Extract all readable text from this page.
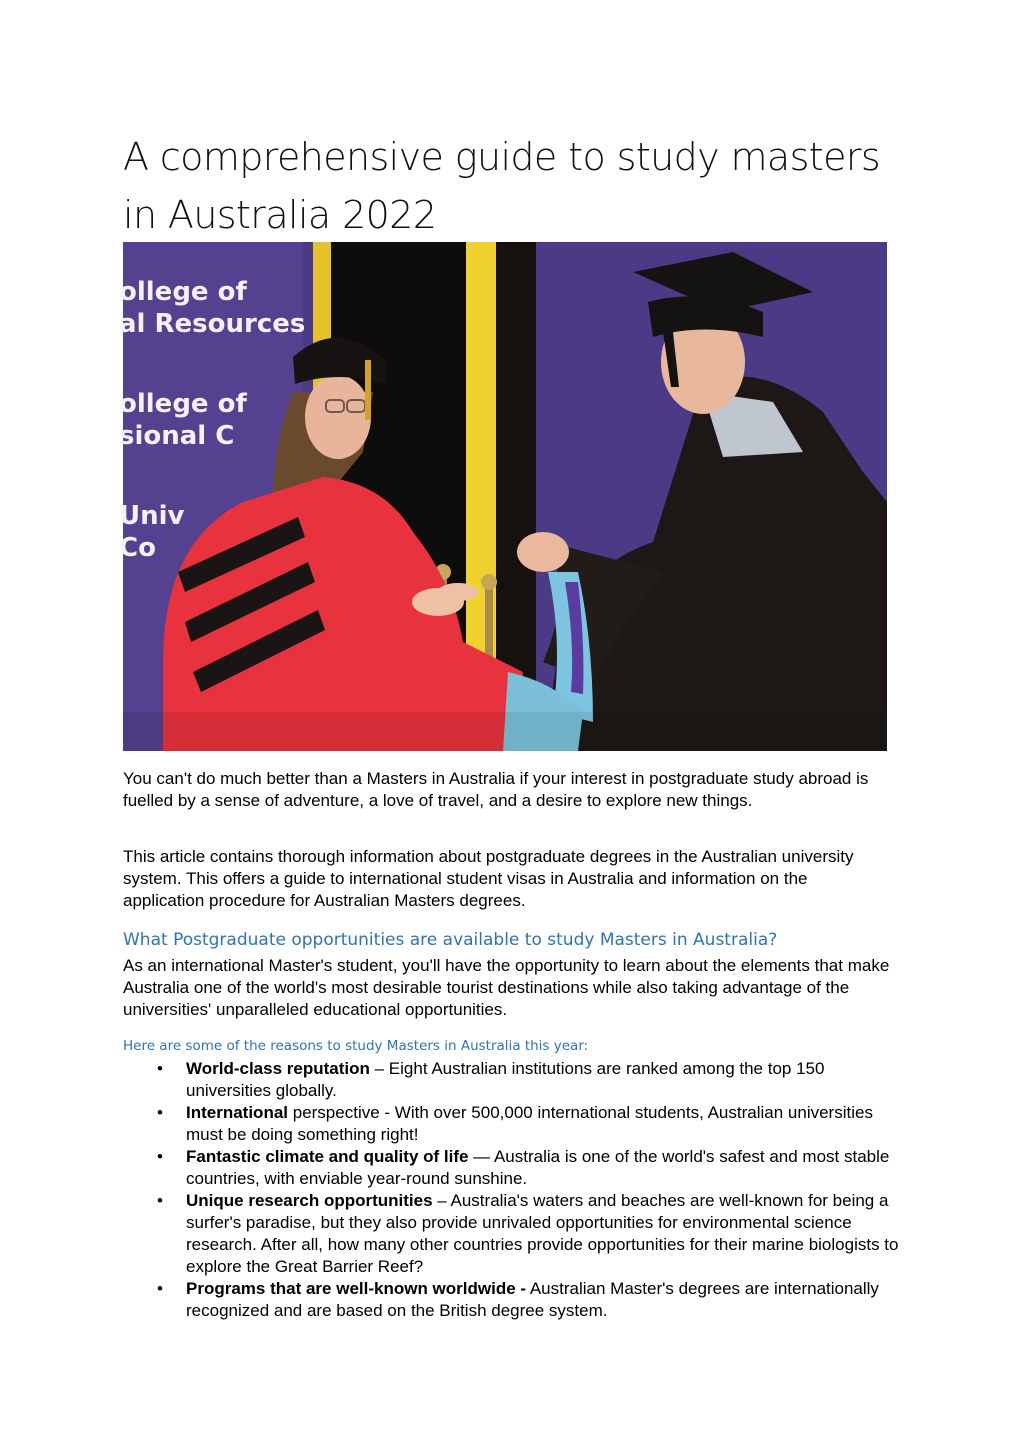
A comprehensive guide to study masters in Australia 2022
ollege of
al Resources
ollege of
sional C
Univ
Co

You can't do much better than a Masters in Australia if your interest in postgraduate study abroad is fuelled by a sense of adventure, a love of travel, and a desire to explore new things.

This article contains thorough information about postgraduate degrees in the Australian university system. This offers a guide to international student visas in Australia and information on the application procedure for Australian Masters degrees.

What Postgraduate opportunities are available to study Masters in Australia?

As an international Master's student, you'll have the opportunity to learn about the elements that make Australia one of the world's most desirable tourist destinations while also taking advantage of the universities' unparalleled educational opportunities.

Here are some of the reasons to study Masters in Australia this year:
• World-class reputation – Eight Australian institutions are ranked among the top 150 universities globally.
• International perspective - With over 500,000 international students, Australian universities must be doing something right!
• Fantastic climate and quality of life — Australia is one of the world's safest and most stable countries, with enviable year-round sunshine.
• Unique research opportunities – Australia's waters and beaches are well-known for being a surfer's paradise, but they also provide unrivaled opportunities for environmental science research. After all, how many other countries provide opportunities for their marine biologists to explore the Great Barrier Reef?
• Programs that are well-known worldwide - Australian Master's degrees are internationally recognized and are based on the British degree system.
